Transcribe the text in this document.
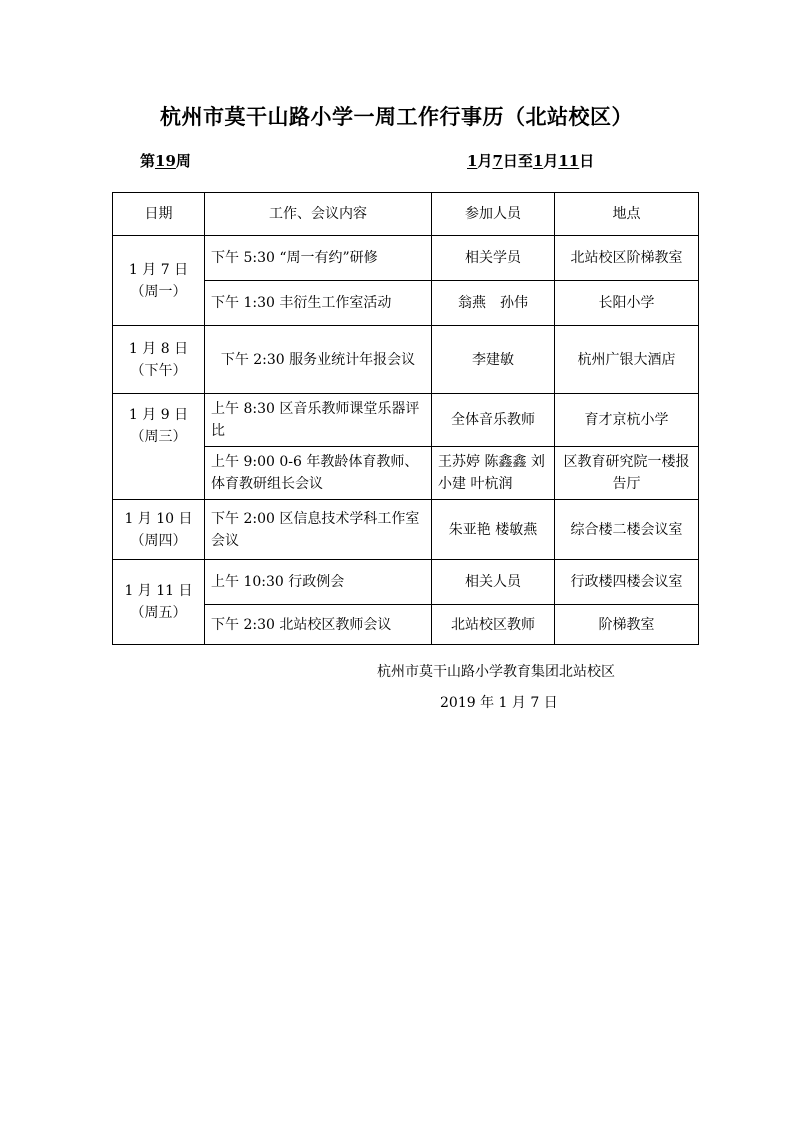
杭州市莫干山路小学一周工作行事历（北站校区）
第19周	1月7日至1月11日
日期	工作、会议内容	参加人员	地点

1 月 7 日
（周一）	下午 5:30 “周一有约”研修	相关学员	北站校区阶梯教室
	下午 1:30 丰衍生工作室活动	翁燕　孙伟	长阳小学

1 月 8 日
（下午）	下午 2:30 服务业统计年报会议	李建敏	杭州广银大酒店

1 月 9 日
（周三）	上午 8:30 区音乐教师课堂乐器评比	全体音乐教师	育才京杭小学
	上午 9:00 0-6 年教龄体育教师、体育教研组长会议	王苏婷 陈鑫鑫 刘小建 叶杭润	区教育研究院一楼报告厅

1 月 10 日
（周四）	下午 2:00 区信息技术学科工作室会议	朱亚艳 楼敏燕	综合楼二楼会议室

1 月 11 日
（周五）	上午 10:30 行政例会	相关人员	行政楼四楼会议室
	下午 2:30 北站校区教师会议	北站校区教师	阶梯教室
杭州市莫干山路小学教育集团北站校区
2019 年 1 月 7 日
